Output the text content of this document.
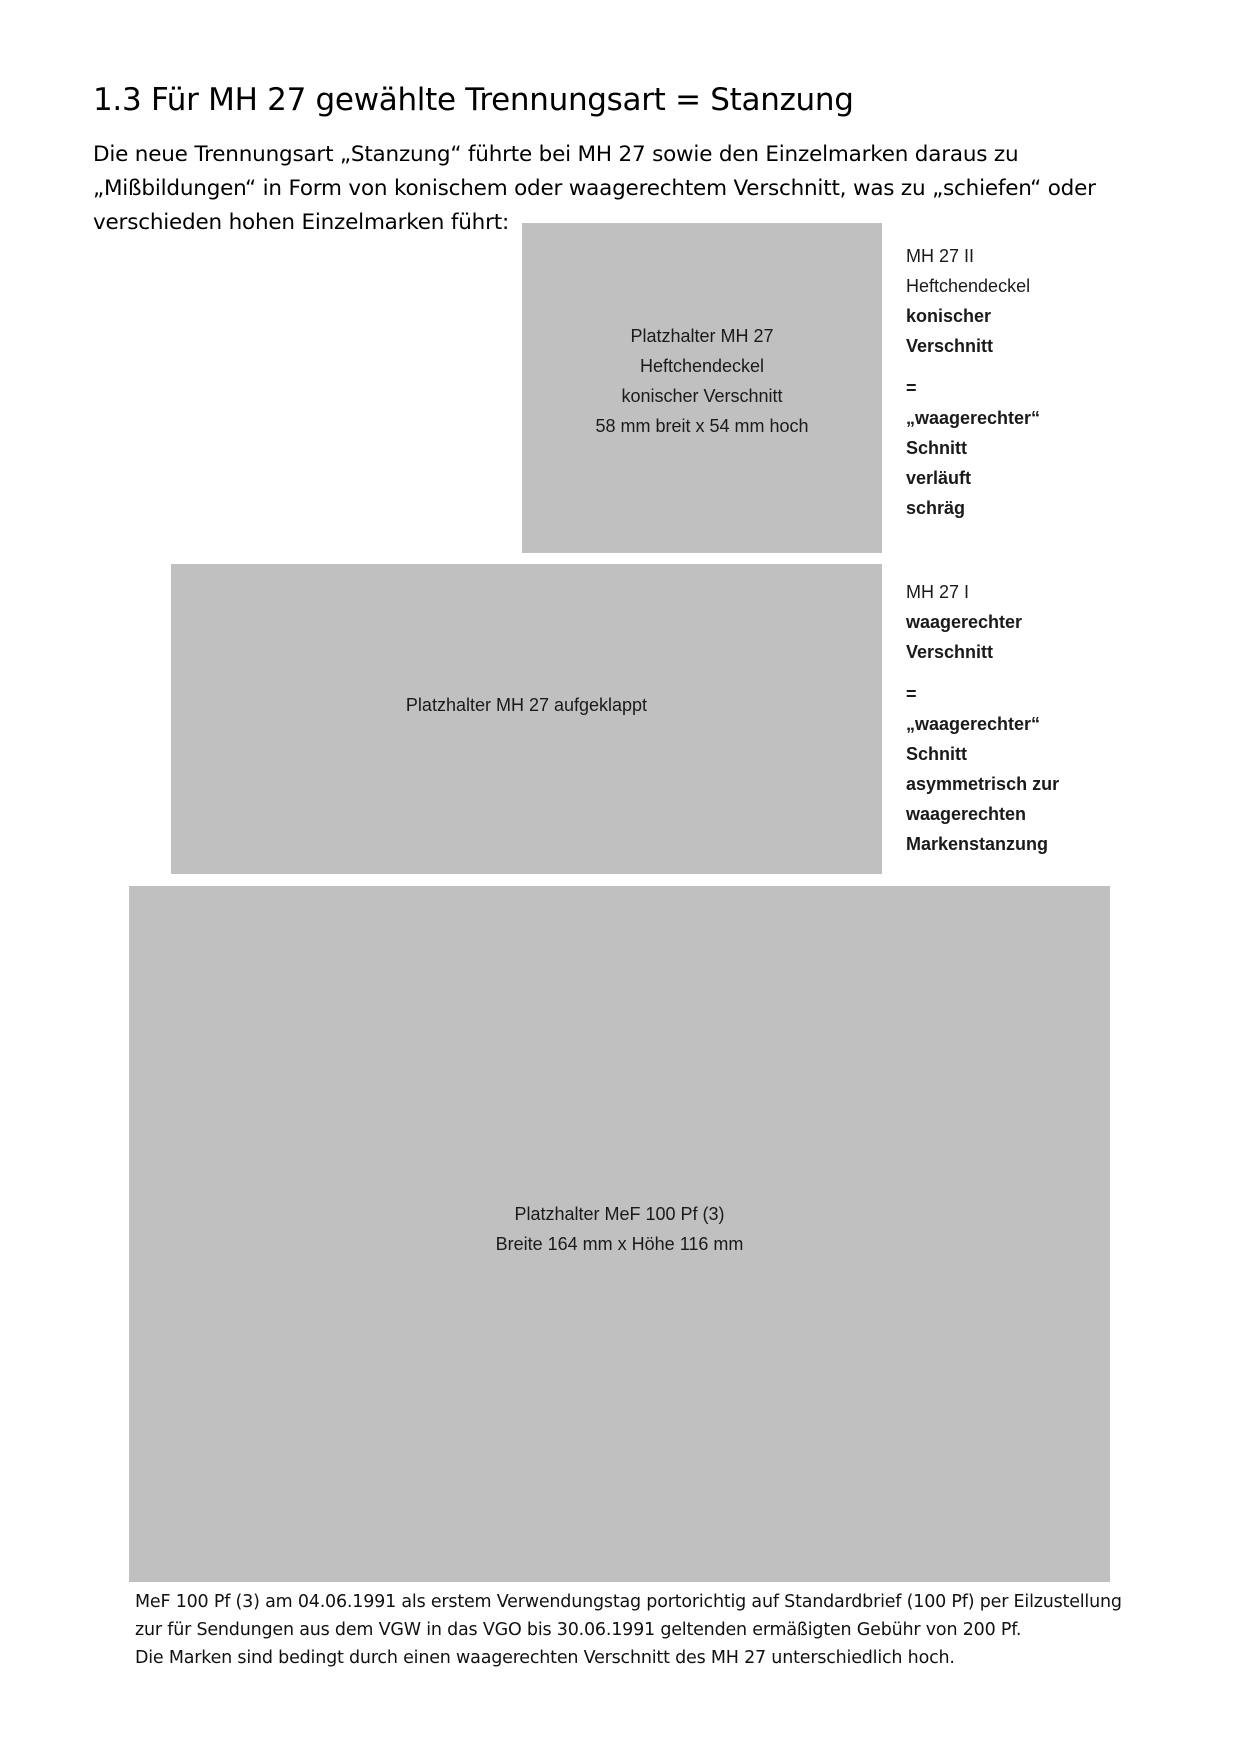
1.3 Für MH 27 gewählte Trennungsart = Stanzung

Die neue Trennungsart „Stanzung“ führte bei MH 27 sowie den Einzelmarken daraus zu „Mißbildungen“ in Form von konischem oder waagerechtem Verschnitt, was zu „schiefen“ oder verschieden hohen Einzelmarken führt:

Platzhalter MH 27
Heftchendeckel
konischer Verschnitt
58 mm breit x 54 mm hoch
MH 27 II
Heftchendeckel
konischer
Verschnitt
=
„waagerechter“
Schnitt
verläuft
schräg
Platzhalter MH 27 aufgeklappt
MH 27 I
waagerechter
Verschnitt
=
„waagerechter“
Schnitt
asymmetrisch zur
waagerechten
Markenstanzung
Platzhalter MeF 100 Pf (3)
Breite 164 mm x Höhe 116 mm
MeF 100 Pf (3) am 04.06.1991 als erstem Verwendungstag portorichtig auf Standardbrief (100 Pf) per Eilzustellung
zur für Sendungen aus dem VGW in das VGO bis 30.06.1991 geltenden ermäßigten Gebühr von 200 Pf.
Die Marken sind bedingt durch einen waagerechten Verschnitt des MH 27 unterschiedlich hoch.
